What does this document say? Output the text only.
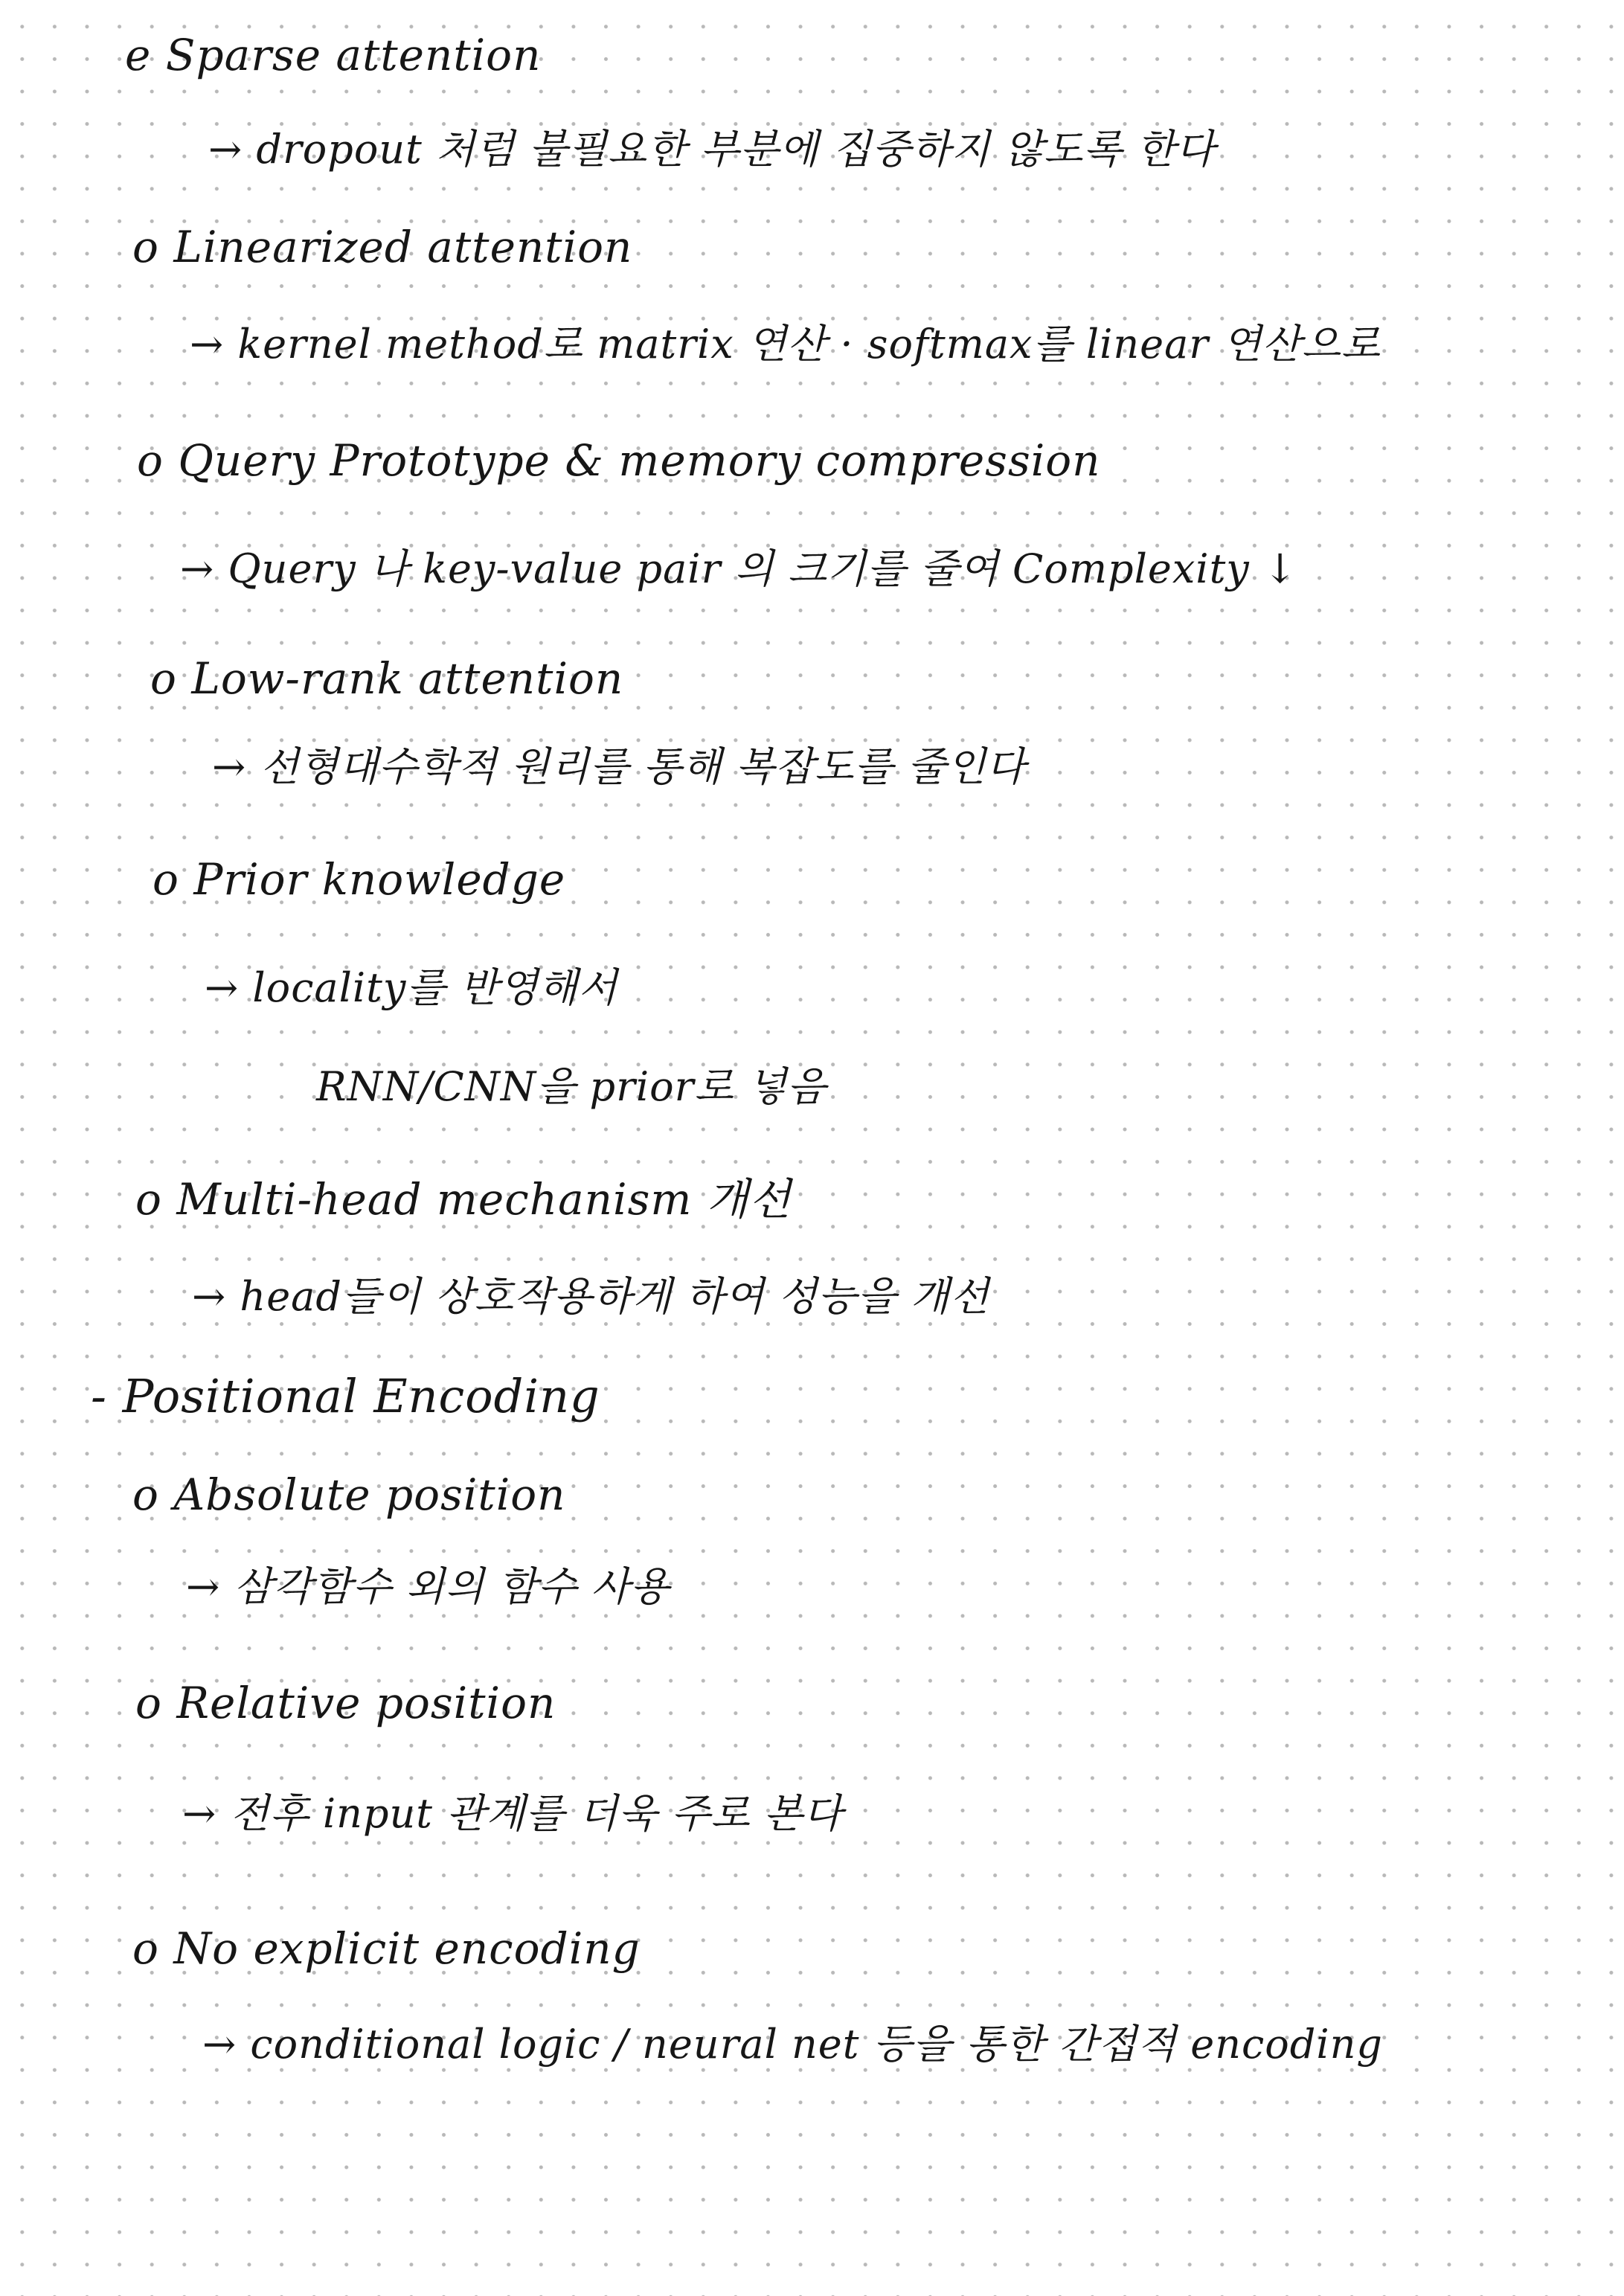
e Sparse attention
→ dropout 처럼 불필요한 부분에 집중하지 않도록 한다
o Linearized attention
→ kernel method로 matrix 연산 · softmax를 linear 연산으로
o Query Prototype & memory compression
→ Query 나 key-value pair 의 크기를 줄여 Complexity ↓
o Low-rank attention
→ 선형대수학적 원리를 통해 복잡도를 줄인다
o Prior knowledge
→ locality를 반영해서
RNN/CNN을 prior로 넣음
o Multi-head mechanism 개선
→ head들이 상호작용하게 하여 성능을 개선
- Positional Encoding
o Absolute position
→ 삼각함수 외의 함수 사용
o Relative position
→ 전후 input 관계를 더욱 주로 본다
o No explicit encoding
→ conditional logic / neural net 등을 통한 간접적 encoding
